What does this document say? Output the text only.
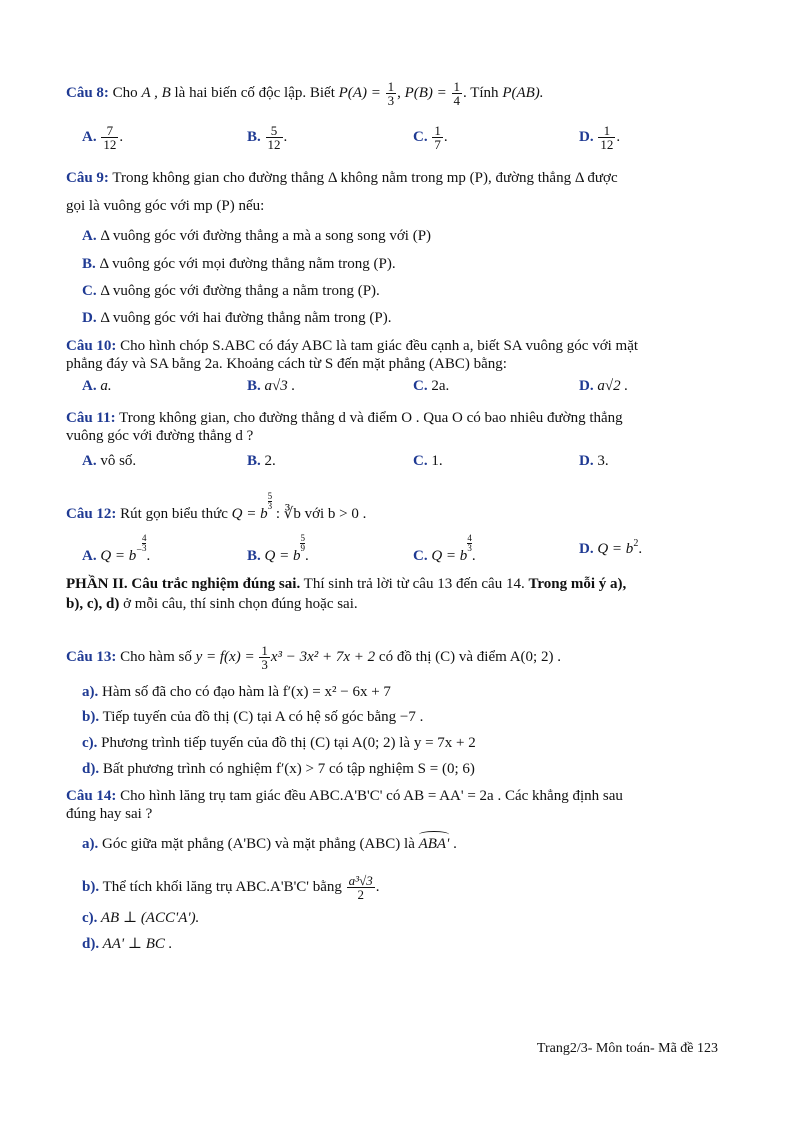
Câu 8: Cho A , B là hai biến cố độc lập. Biết $P(A) = \frac{1}{3}$ , $P(B) = \frac{1}{4}$ . Tính P(AB).
A. $\frac{7}{12}$ .	B. $\frac{5}{12}$ .	C. $\frac{1}{7}$ .	D. $\frac{1}{12}$ .
Câu 9: Trong không gian cho đường thẳng Δ không nằm trong mp (P), đường thẳng Δ được
gọi là vuông góc với mp (P) nếu:
A. Δ vuông góc với đường thẳng a mà a song song với (P)
B. Δ vuông góc với mọi đường thẳng nằm trong (P).
C. Δ vuông góc với đường thẳng a nằm trong (P).
D. Δ vuông góc với hai đường thẳng nằm trong (P).
Câu 10: Cho hình chóp S.ABC có đáy ABC là tam giác đều cạnh a, biết SA vuông góc với mặt
phẳng đáy và SA bằng 2a. Khoảng cách từ S đến mặt phẳng (ABC) bằng:
A. a.	B. a√3 .	C. 2a.	D. a√2 .
Câu 11: Trong không gian, cho đường thẳng d và điểm O . Qua O có bao nhiêu đường thẳng
vuông góc với đường thẳng d ?
A. vô số.	B. 2.	C. 1.	D. 3.
Câu 12: Rút gọn biểu thức Q = b
$\frac{5}{3}$
: ∛b với b > 0 .
A. $Q = b^- \frac{4}{3}$
.	B. Q = b
$\frac{5}{9}$
.	C. Q = b
$\frac{4}{3}$
.	D. $Q = b^2$.
PHẦN II. Câu trắc nghiệm đúng sai. Thí sinh trả lời từ câu 13 đến câu 14. Trong mỗi ý a),
b), c), d) ở mỗi câu, thí sinh chọn đúng hoặc sai.
Câu 13: Cho hàm số $y = f(x) = \frac{1}{3} x^3 - 3x^2 + 7x + 2$ có đồ thị (C) và điểm A(0; 2) .
a). Hàm số đã cho có đạo hàm là f′(x) = x² − 6x + 7
b). Tiếp tuyến của đồ thị (C) tại A có hệ số góc bằng −7 .
c). Phương trình tiếp tuyến của đồ thị (C) tại A(0; 2) là y = 7x + 2
d). Bất phương trình có nghiệm f′(x) > 7 có tập nghiệm S = (0; 6)
Câu 14: Cho hình lăng trụ tam giác đều ABC.A'B'C' có AB = AA' = 2a . Các khẳng định sau
đúng hay sai ?
a). Góc giữa mặt phẳng (A'BC) và mặt phẳng (ABC) là ABA' .
b). Thể tích khối lăng trụ ABC.A'B'C' bằng $\frac{\text{a³√3}}{2}$ .
c). AB ⊥ (ACC'A').
d). AA' ⊥ BC .
Trang2/3- Môn toán- Mã đề 123
